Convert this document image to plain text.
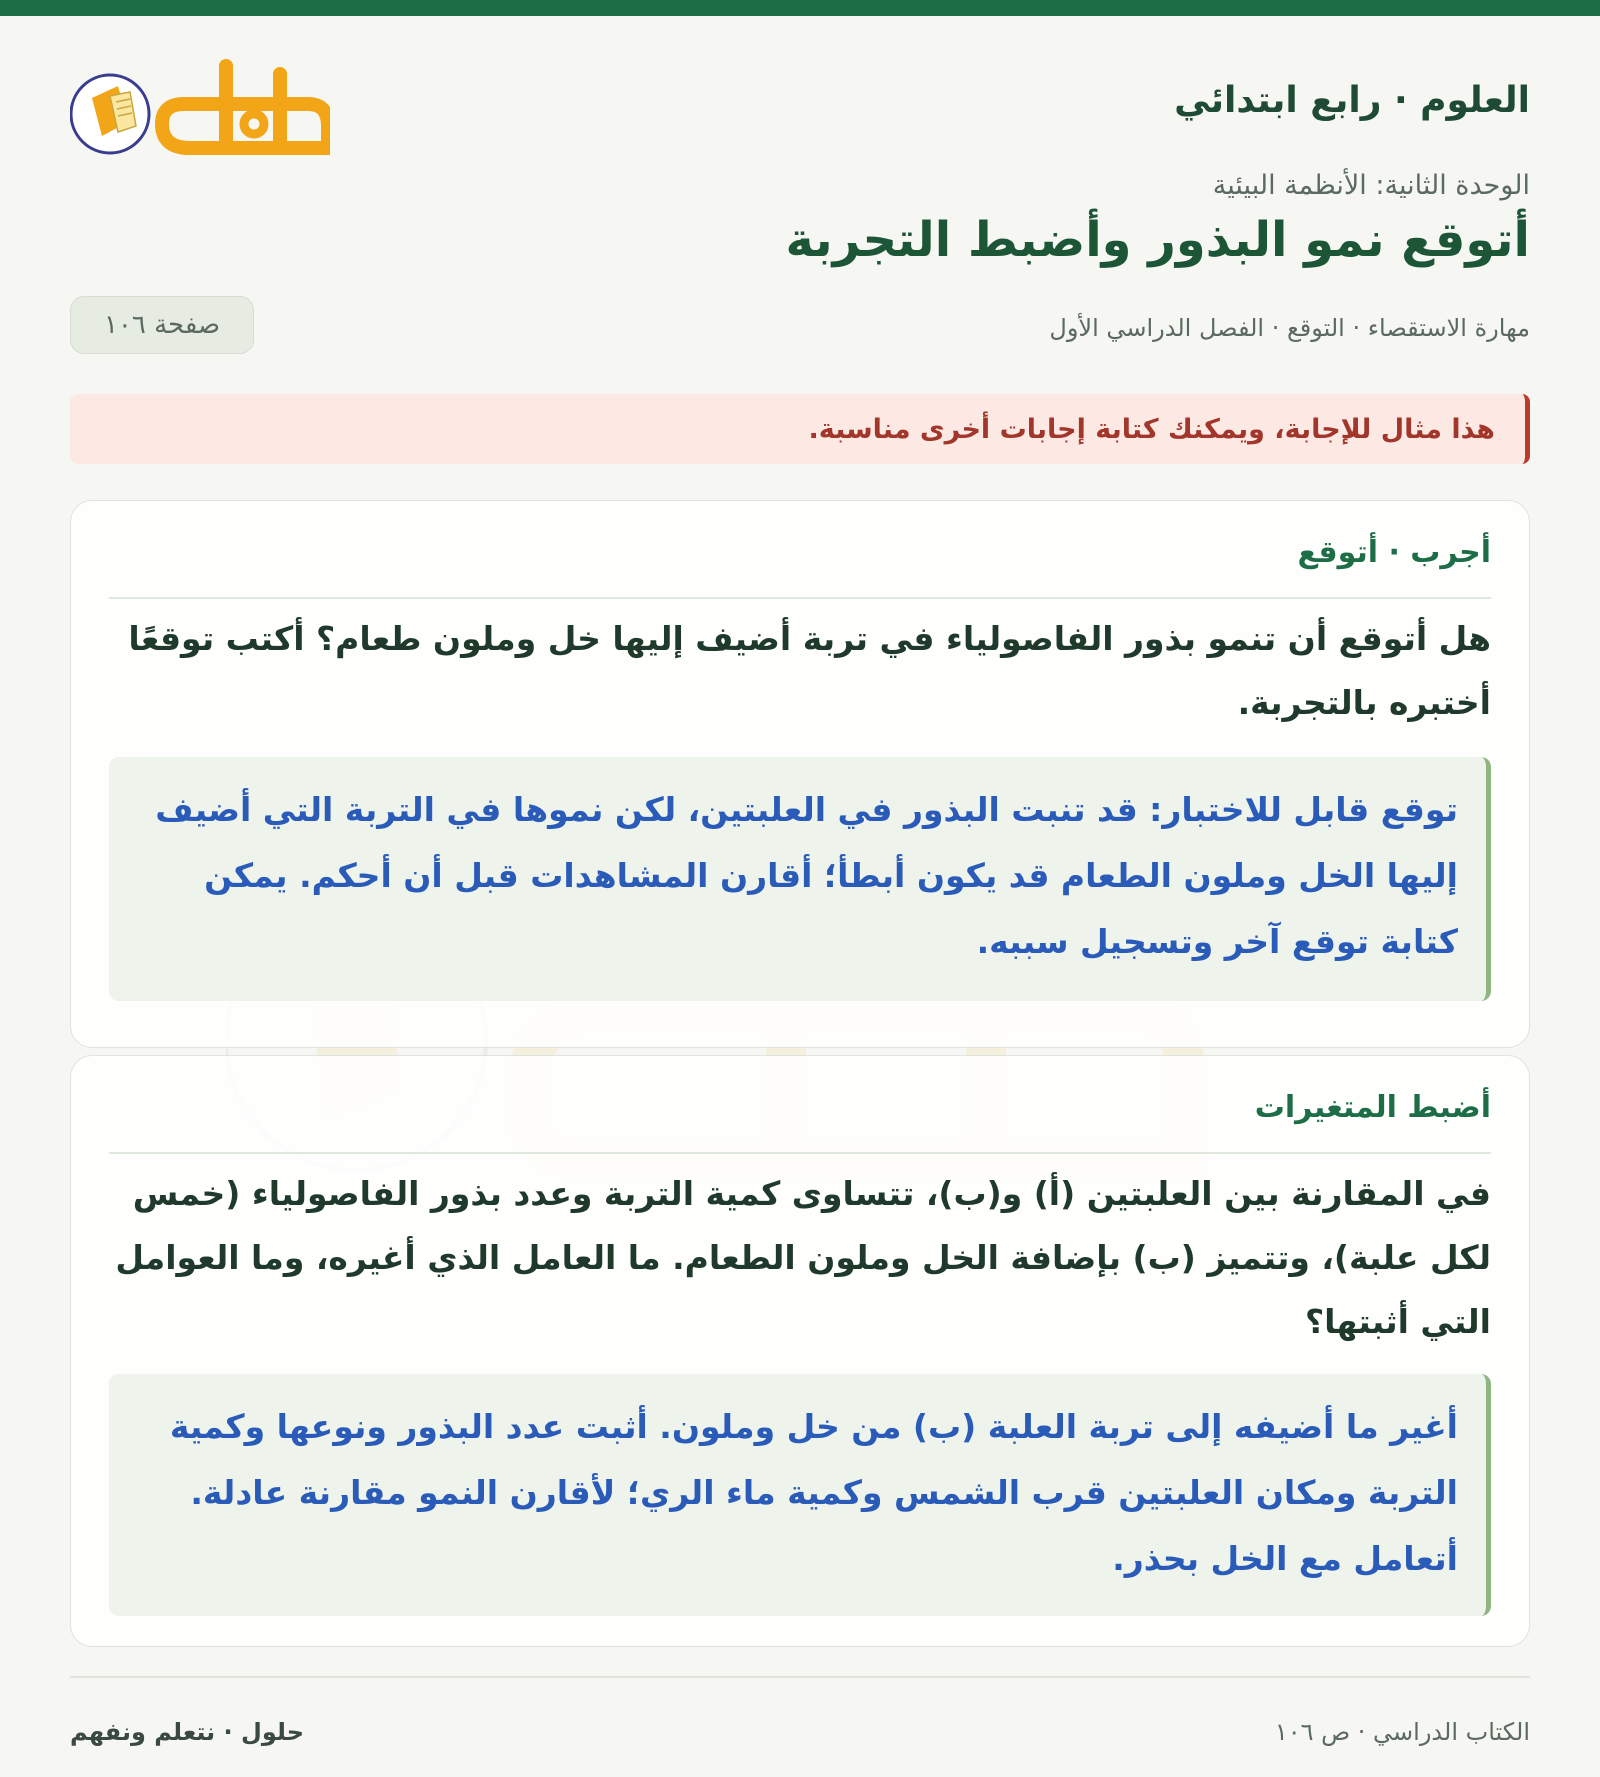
العلوم · رابع ابتدائي
الوحدة الثانية: الأنظمة البيئية
أتوقع نمو البذور وأضبط التجربة
مهارة الاستقصاء · التوقع · الفصل الدراسي الأول
صفحة ١٠٦
هذا مثال للإجابة، ويمكنك كتابة إجابات أخرى مناسبة.
أجرب · أتوقع
هل أتوقع أن تنمو بذور الفاصولياء في تربة أضيف إليها خل وملون طعام؟ أكتب توقعًا أختبره بالتجربة.
توقع قابل للاختبار: قد تنبت البذور في العلبتين، لكن نموها في التربة التي أضيف إليها الخل وملون الطعام قد يكون أبطأ؛ أقارن المشاهدات قبل أن أحكم. يمكن كتابة توقع آخر وتسجيل سببه.
أضبط المتغيرات
في المقارنة بين العلبتين (أ) و(ب)، تتساوى كمية التربة وعدد بذور الفاصولياء (خمس لكل علبة)، وتتميز (ب) بإضافة الخل وملون الطعام. ما العامل الذي أغيره، وما العوامل التي أثبتها؟
أغير ما أضيفه إلى تربة العلبة (ب) من خل وملون. أثبت عدد البذور ونوعها وكمية التربة ومكان العلبتين قرب الشمس وكمية ماء الري؛ لأقارن النمو مقارنة عادلة. أتعامل مع الخل بحذر.
الكتاب الدراسي · ص ١٠٦
حلول · نتعلم ونفهم
